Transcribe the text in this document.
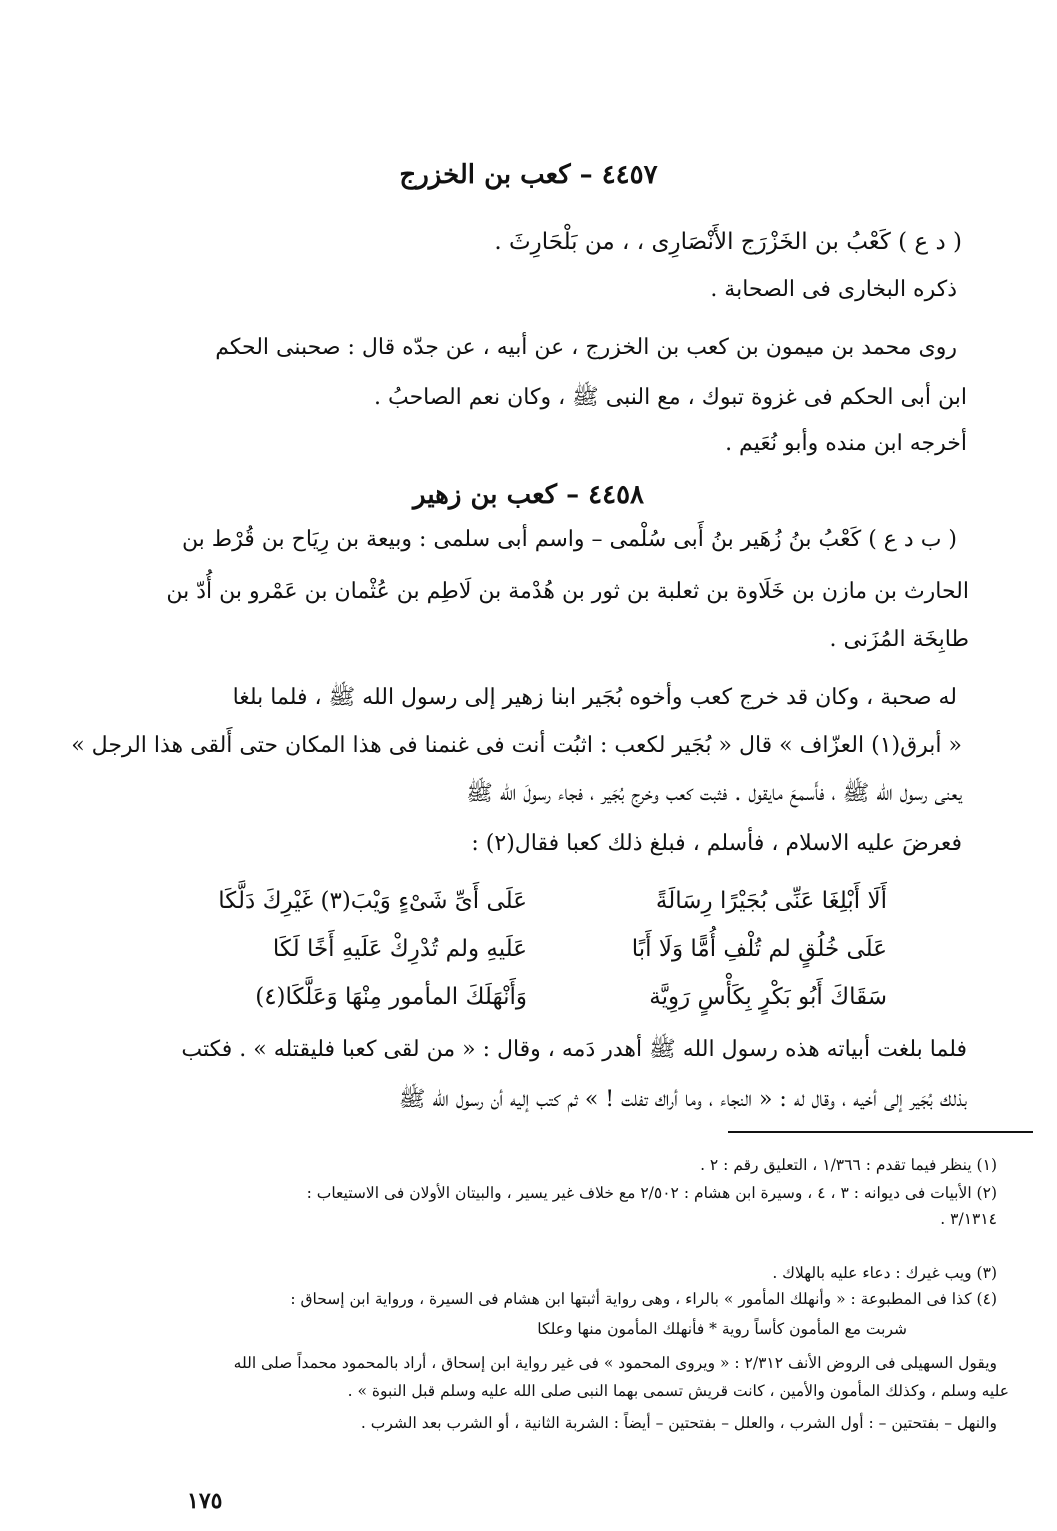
٤٤٥٧ – كعب بن الخزرج
( د ع ) كَعْبُ بن الخَزْرَج الأَنْصَارِى ، ، من بَلْحَارِثَ .
ذكره البخارى فى الصحابة .
روى محمد بن ميمون بن كعب بن الخزرج ، عن أبيه ، عن جدّه قال : صحبنى الحكم
ابن أبى الحكم فى غزوة تبوك ، مع النبى ﷺ ، وكان نعم الصاحبُ .
أخرجه ابن منده وأبو نُعَيم .
٤٤٥٨ – كعب بن زهير
( ب د ع ) كَعْبُ بنُ زُهَير بنُ أَبى سُلْمى – واسم أبى سلمى : وبيعة بن رِيَاح بن قُرْط بن
الحارث بن مازن بن خَلَاوة بن ثعلبة بن ثور بن هُدْمة بن لَاطِم بن عُثْمان بن عَمْرو بن أُدّ بن
طابِخَة المُزَنى .
له صحبة ، وكان قد خرج كعب وأخوه بُجَير ابنا زهير إلى رسول الله ﷺ ، فلما بلغا
« أبرق(١) العزّاف » قال « بُجَير لكعب : اثبُت أنت فى غنمنا فى هذا المكان حتى أَلقى هذا الرجل »
يعنى رسول الله ﷺ ، فأَسمعَ مايقول . فثبت كعب وخرج بُجَير ، فجاء رسولَ الله ﷺ
فعرضَ عليه الاسلام ، فأسلم ، فبلغ ذلك كعبا فقال(٢) :
أَلَا أَبْلِغَا عَنِّى بُجَيْرًا رِسَالَةً
عَلَى أَىِّ شَىْءٍ وَيْبَ(٣) غَيْرِكَ دَلَّكَا
عَلَى خُلُقٍ لم تُلْفِ أُمًّا وَلَا أَبًا
عَلَيهِ ولم تُدْرِكْ عَلَيهِ أَخًا لَكَا
سَقَاكَ أَبُو بَكْرٍ بِكَأْسٍ رَوِيَّة
وَأَنْهَلَكَ المأمور مِنْهَا وَعَلَّكَا(٤)
فلما بلغت أبياته هذه رسول الله ﷺ أهدر دَمه ، وقال : « من لقى كعبا فليقتله » . فكتب
بذلك بُجَير إلى أخيه ، وقال له : « النجاء ، وما أراك تفلت ! » ثم كتب إليه أن رسول الله ﷺ
(١) ينظر فيما تقدم : ١/٣٦٦ ، التعليق رقم : ٢ .
(٢) الأبيات فى ديوانه : ٣ ، ٤ ، وسيرة ابن هشام : ٢/٥٠٢ مع خلاف غير يسير ، والبيتان الأولان فى الاستيعاب :
٣/١٣١٤ .
(٣) ويب غيرك : دعاء عليه بالهلاك .
(٤) كذا فى المطبوعة : « وأنهلك المأمور » بالراء ، وهى رواية أثبتها ابن هشام فى السيرة ، ورواية ابن إسحاق :
شربت مع المأمون كأساً روية * فأنهلك المأمون منها وعلكا
ويقول السهيلى فى الروض الأنف ٢/٣١٢ : « ويروى المحمود » فى غير رواية ابن إسحاق ، أراد بالمحمود محمداً صلى الله
عليه وسلم ، وكذلك المأمون والأمين ، كانت قريش تسمى بهما النبى صلى الله عليه وسلم قبل النبوة » .
والنهل – بفتحتين – : أول الشرب ، والعلل – بفتحتين – أيضاً : الشربة الثانية ، أو الشرب بعد الشرب .
١٧٥
